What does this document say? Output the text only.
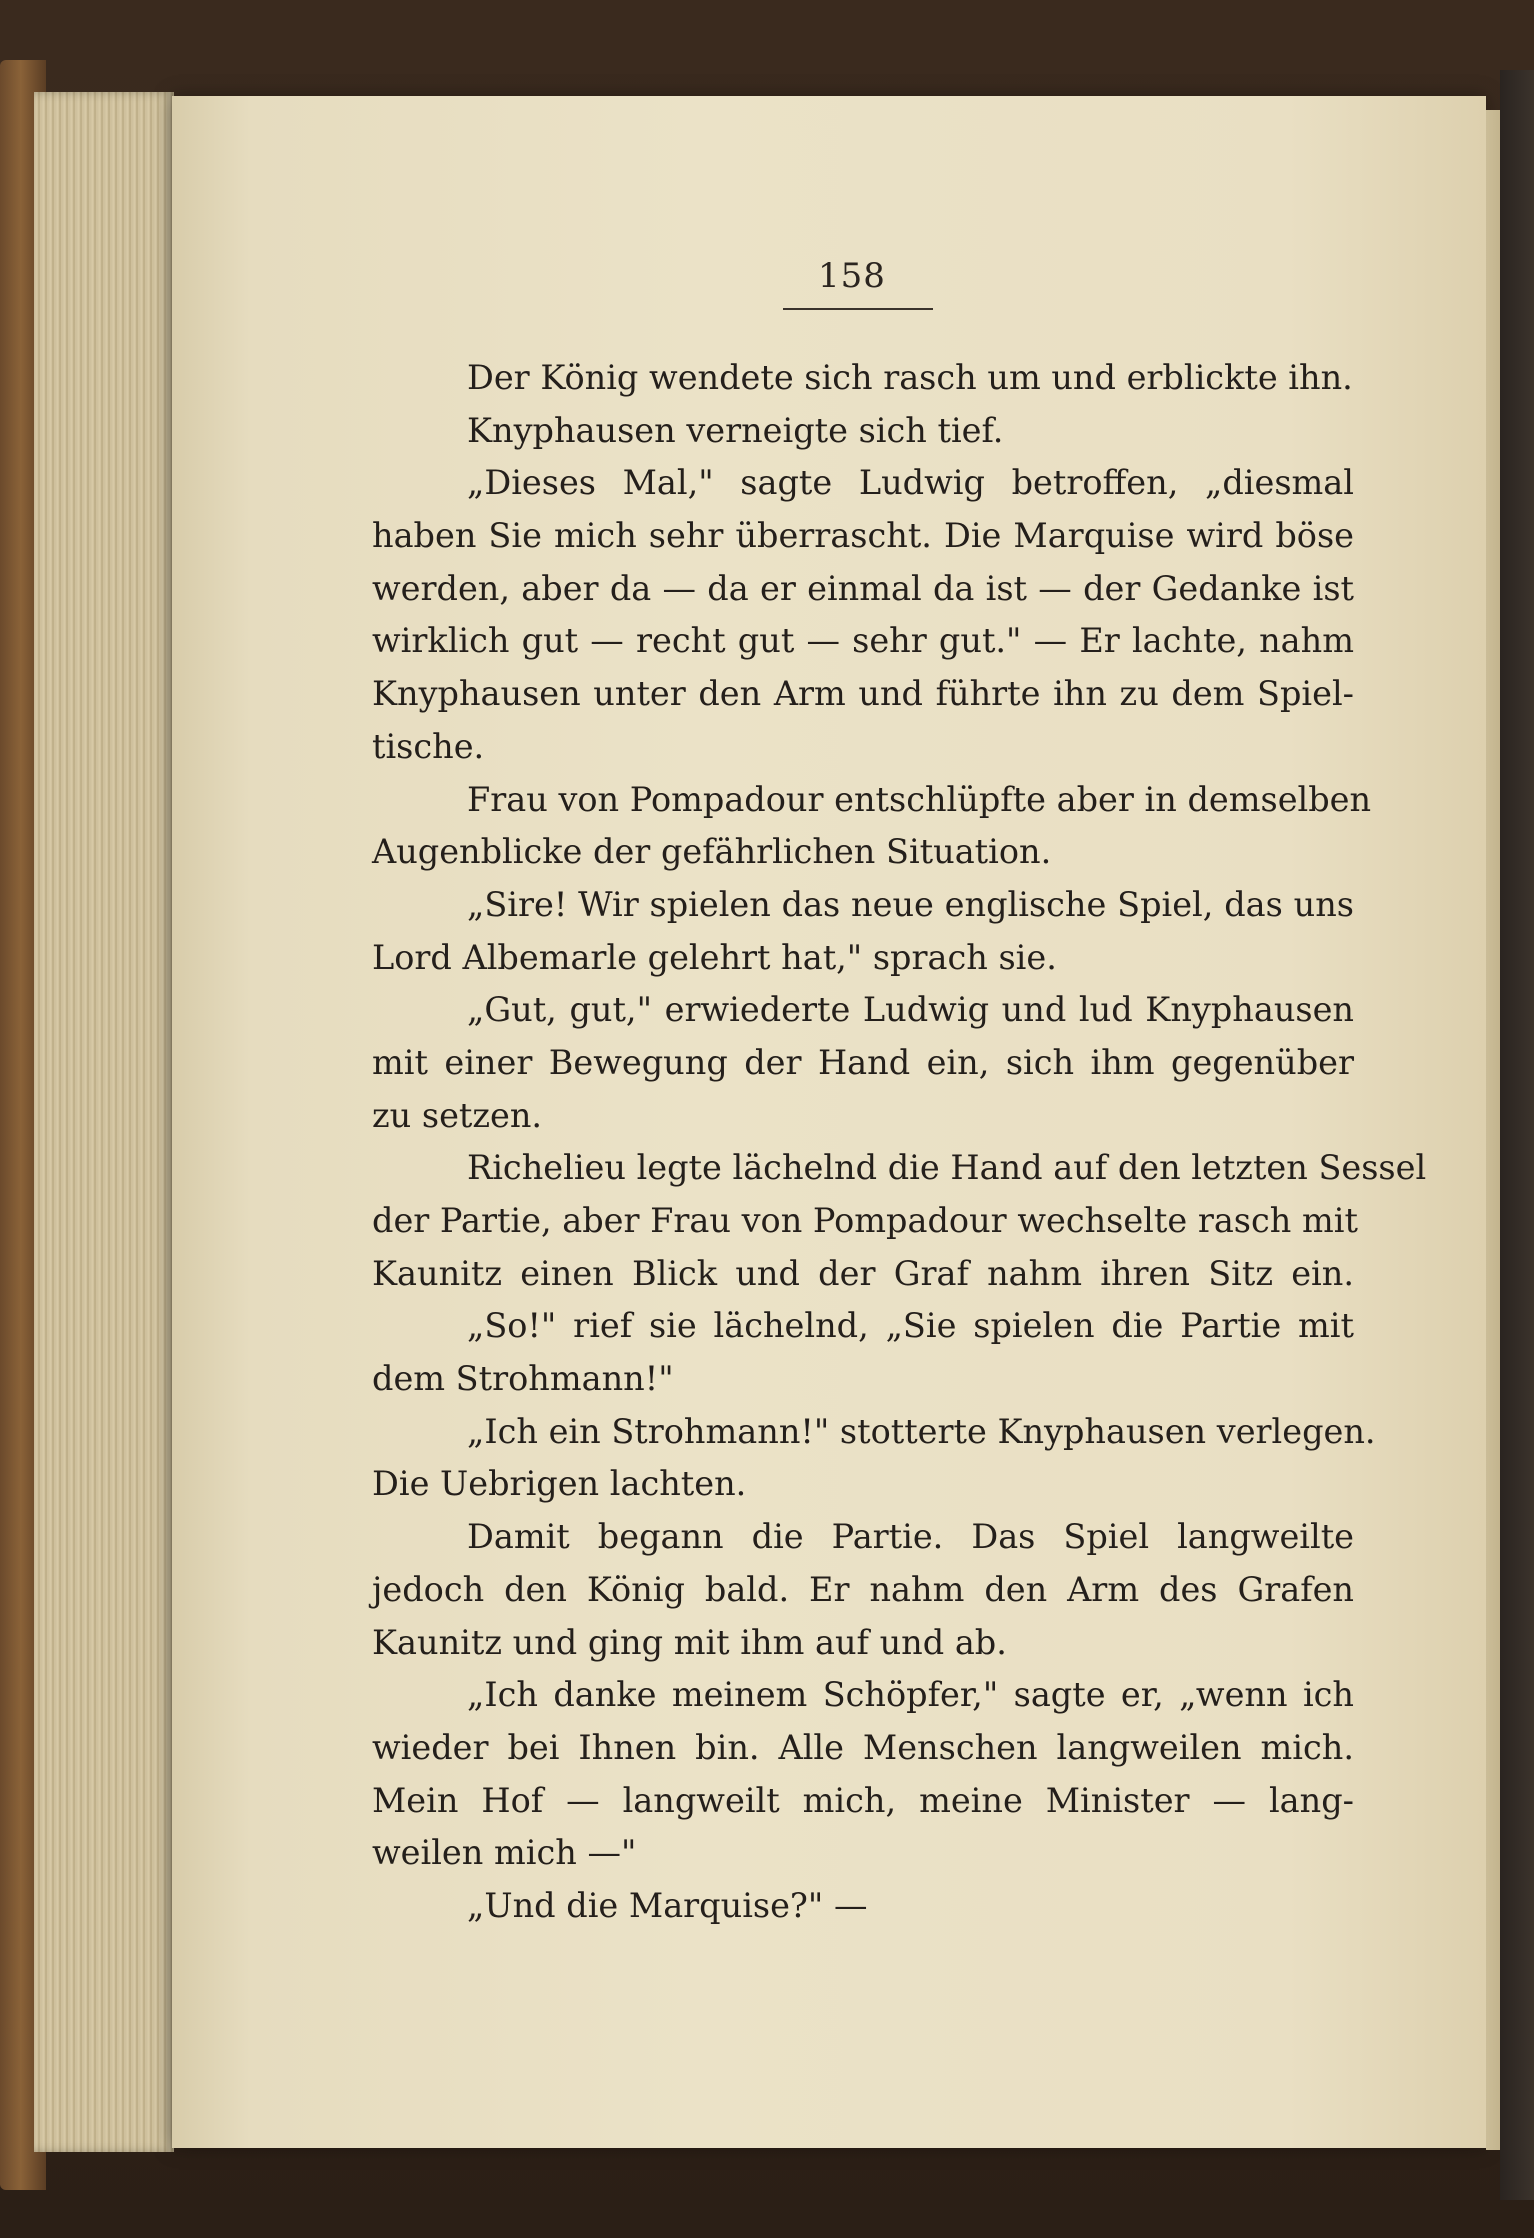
158
Der König wendete sich rasch um und erblickte ihn.
Knyphausen verneigte sich tief.
„Dieses Mal," sagte Ludwig betroffen, „diesmal
haben Sie mich sehr überrascht. Die Marquise wird böse
werden, aber da — da er einmal da ist — der Gedanke ist
wirklich gut — recht gut — sehr gut." — Er lachte, nahm
Knyphausen unter den Arm und führte ihn zu dem Spiel-
tische.
Frau von Pompadour entschlüpfte aber in demselben
Augenblicke der gefährlichen Situation.
„Sire! Wir spielen das neue englische Spiel, das uns
Lord Albemarle gelehrt hat," sprach sie.
„Gut, gut," erwiederte Ludwig und lud Knyphausen
mit einer Bewegung der Hand ein, sich ihm gegenüber
zu setzen.
Richelieu legte lächelnd die Hand auf den letzten Sessel
der Partie, aber Frau von Pompadour wechselte rasch mit
Kaunitz einen Blick und der Graf nahm ihren Sitz ein.
„So!" rief sie lächelnd, „Sie spielen die Partie mit
dem Strohmann!"
„Ich ein Strohmann!" stotterte Knyphausen verlegen.
Die Uebrigen lachten.
Damit begann die Partie. Das Spiel langweilte
jedoch den König bald. Er nahm den Arm des Grafen
Kaunitz und ging mit ihm auf und ab.
„Ich danke meinem Schöpfer," sagte er, „wenn ich
wieder bei Ihnen bin. Alle Menschen langweilen mich.
Mein Hof — langweilt mich, meine Minister — lang-
weilen mich —"
„Und die Marquise?" —
